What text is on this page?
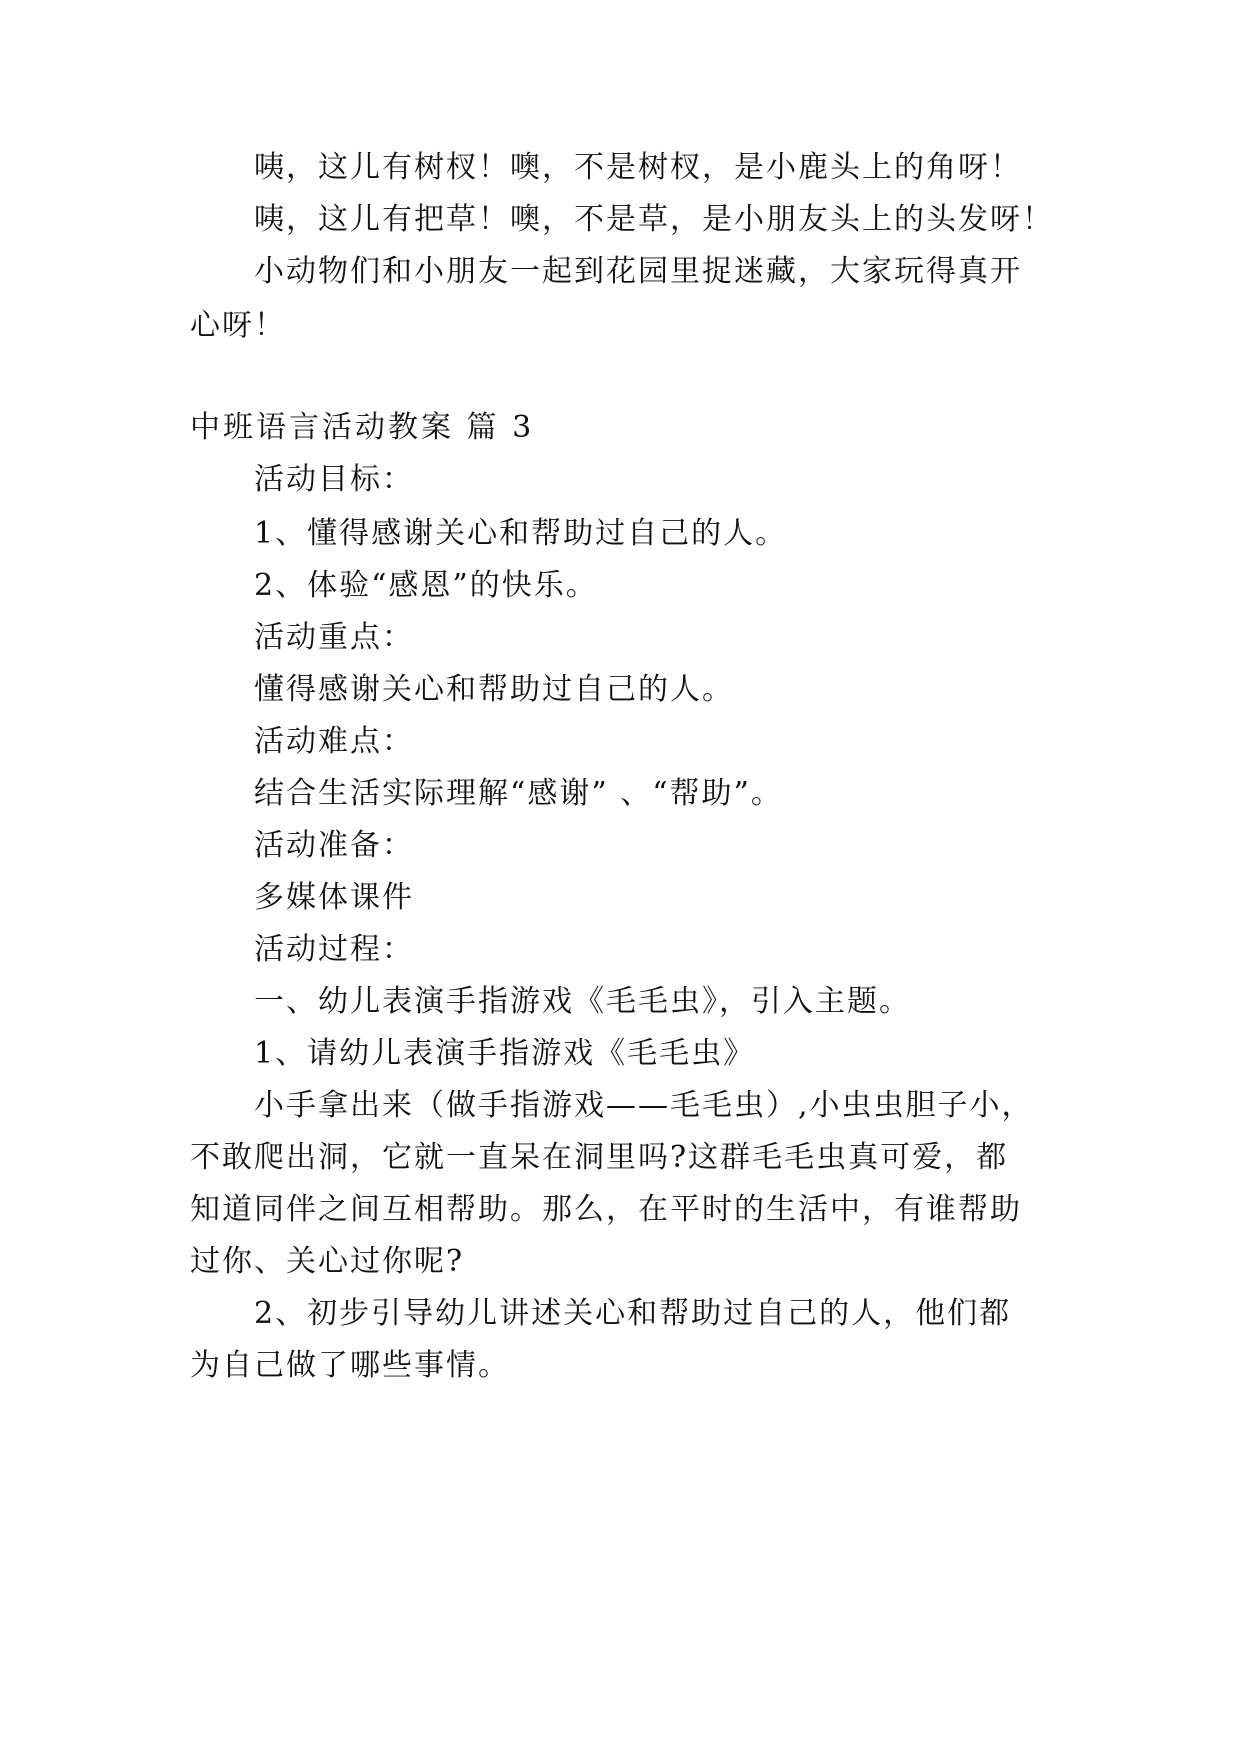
咦，这儿有树杈！噢，不是树杈，是小鹿头上的角呀！
咦，这儿有把草！噢，不是草，是小朋友头上的头发呀！
小动物们和小朋友一起到花园里捉迷藏，大家玩得真开
心呀！
中班语言活动教案 篇 3
活动目标：
1、懂得感谢关心和帮助过自己的人。
2、体验“感恩”的快乐。
活动重点：
懂得感谢关心和帮助过自己的人。
活动难点：
结合生活实际理解“感谢” 、“帮助”。
活动准备：
多媒体课件
活动过程：
一、幼儿表演手指游戏《毛毛虫》，引入主题。
1、请幼儿表演手指游戏《毛毛虫》
小手拿出来（做手指游戏——毛毛虫）,小虫虫胆子小，
不敢爬出洞，它就一直呆在洞里吗?这群毛毛虫真可爱，都
知道同伴之间互相帮助。那么，在平时的生活中，有谁帮助
过你、关心过你呢?
2、初步引导幼儿讲述关心和帮助过自己的人，他们都
为自己做了哪些事情。
